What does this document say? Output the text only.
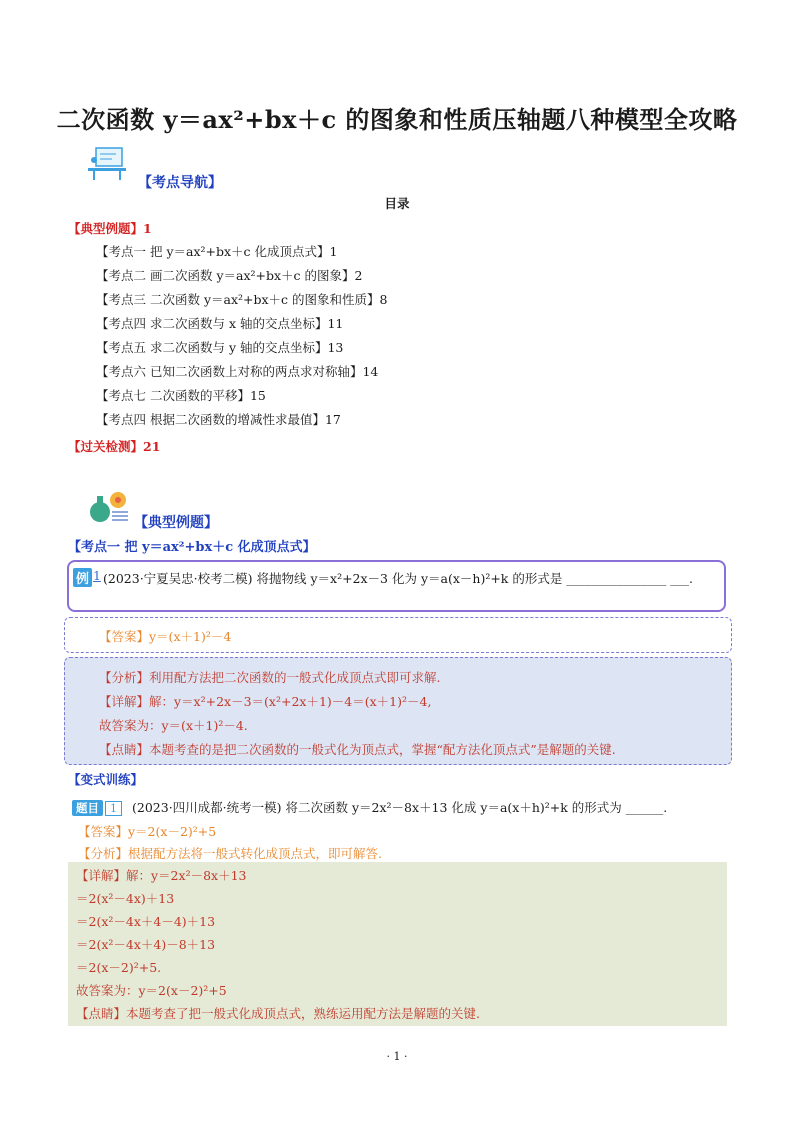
二次函数 y＝ax²+bx＋c 的图象和性质压轴题八种模型全攻略
【考点导航】
目录
【典型例题】1
【考点一 把 y＝ax²+bx＋c 化成顶点式】1
【考点二 画二次函数 y＝ax²+bx＋c 的图象】2
【考点三 二次函数 y＝ax²+bx＋c 的图象和性质】8
【考点四 求二次函数与 x 轴的交点坐标】11
【考点五 求二次函数与 y 轴的交点坐标】13
【考点六 已知二次函数上对称的两点求对称轴】14
【考点七 二次函数的平移】15
【考点四 根据二次函数的增减性求最值】17
【过关检测】21
【典型例题】
【考点一 把 y＝ax²+bx＋c 化成顶点式】
例 1 (2023·宁夏吴忠·校考二模) 将抛物线 y＝x²+2x－3 化为 y＝a(x－h)²+k 的形式是 ________________ ___.
【答案】y＝(x＋1)²－4
【分析】利用配方法把二次函数的一般式化成顶点式即可求解.
【详解】解：y＝x²+2x－3＝(x²+2x＋1)－4＝(x＋1)²－4,
故答案为：y＝(x＋1)²－4.
【点睛】本题考查的是把二次函数的一般式化为顶点式，掌握“配方法化顶点式”是解题的关键.
【变式训练】
题目 1	(2023·四川成都·统考一模) 将二次函数 y＝2x²－8x＋13 化成 y＝a(x＋h)²+k 的形式为 ______.
【答案】y＝2(x－2)²+5
【分析】根据配方法将一般式转化成顶点式，即可解答.
【详解】解：y＝2x²－8x＋13
＝2(x²－4x)＋13
＝2(x²－4x＋4－4)＋13
＝2(x²－4x＋4)－8＋13
＝2(x－2)²+5.
故答案为：y＝2(x－2)²+5
【点睛】本题考查了把一般式化成顶点式，熟练运用配方法是解题的关键.
· 1 ·
